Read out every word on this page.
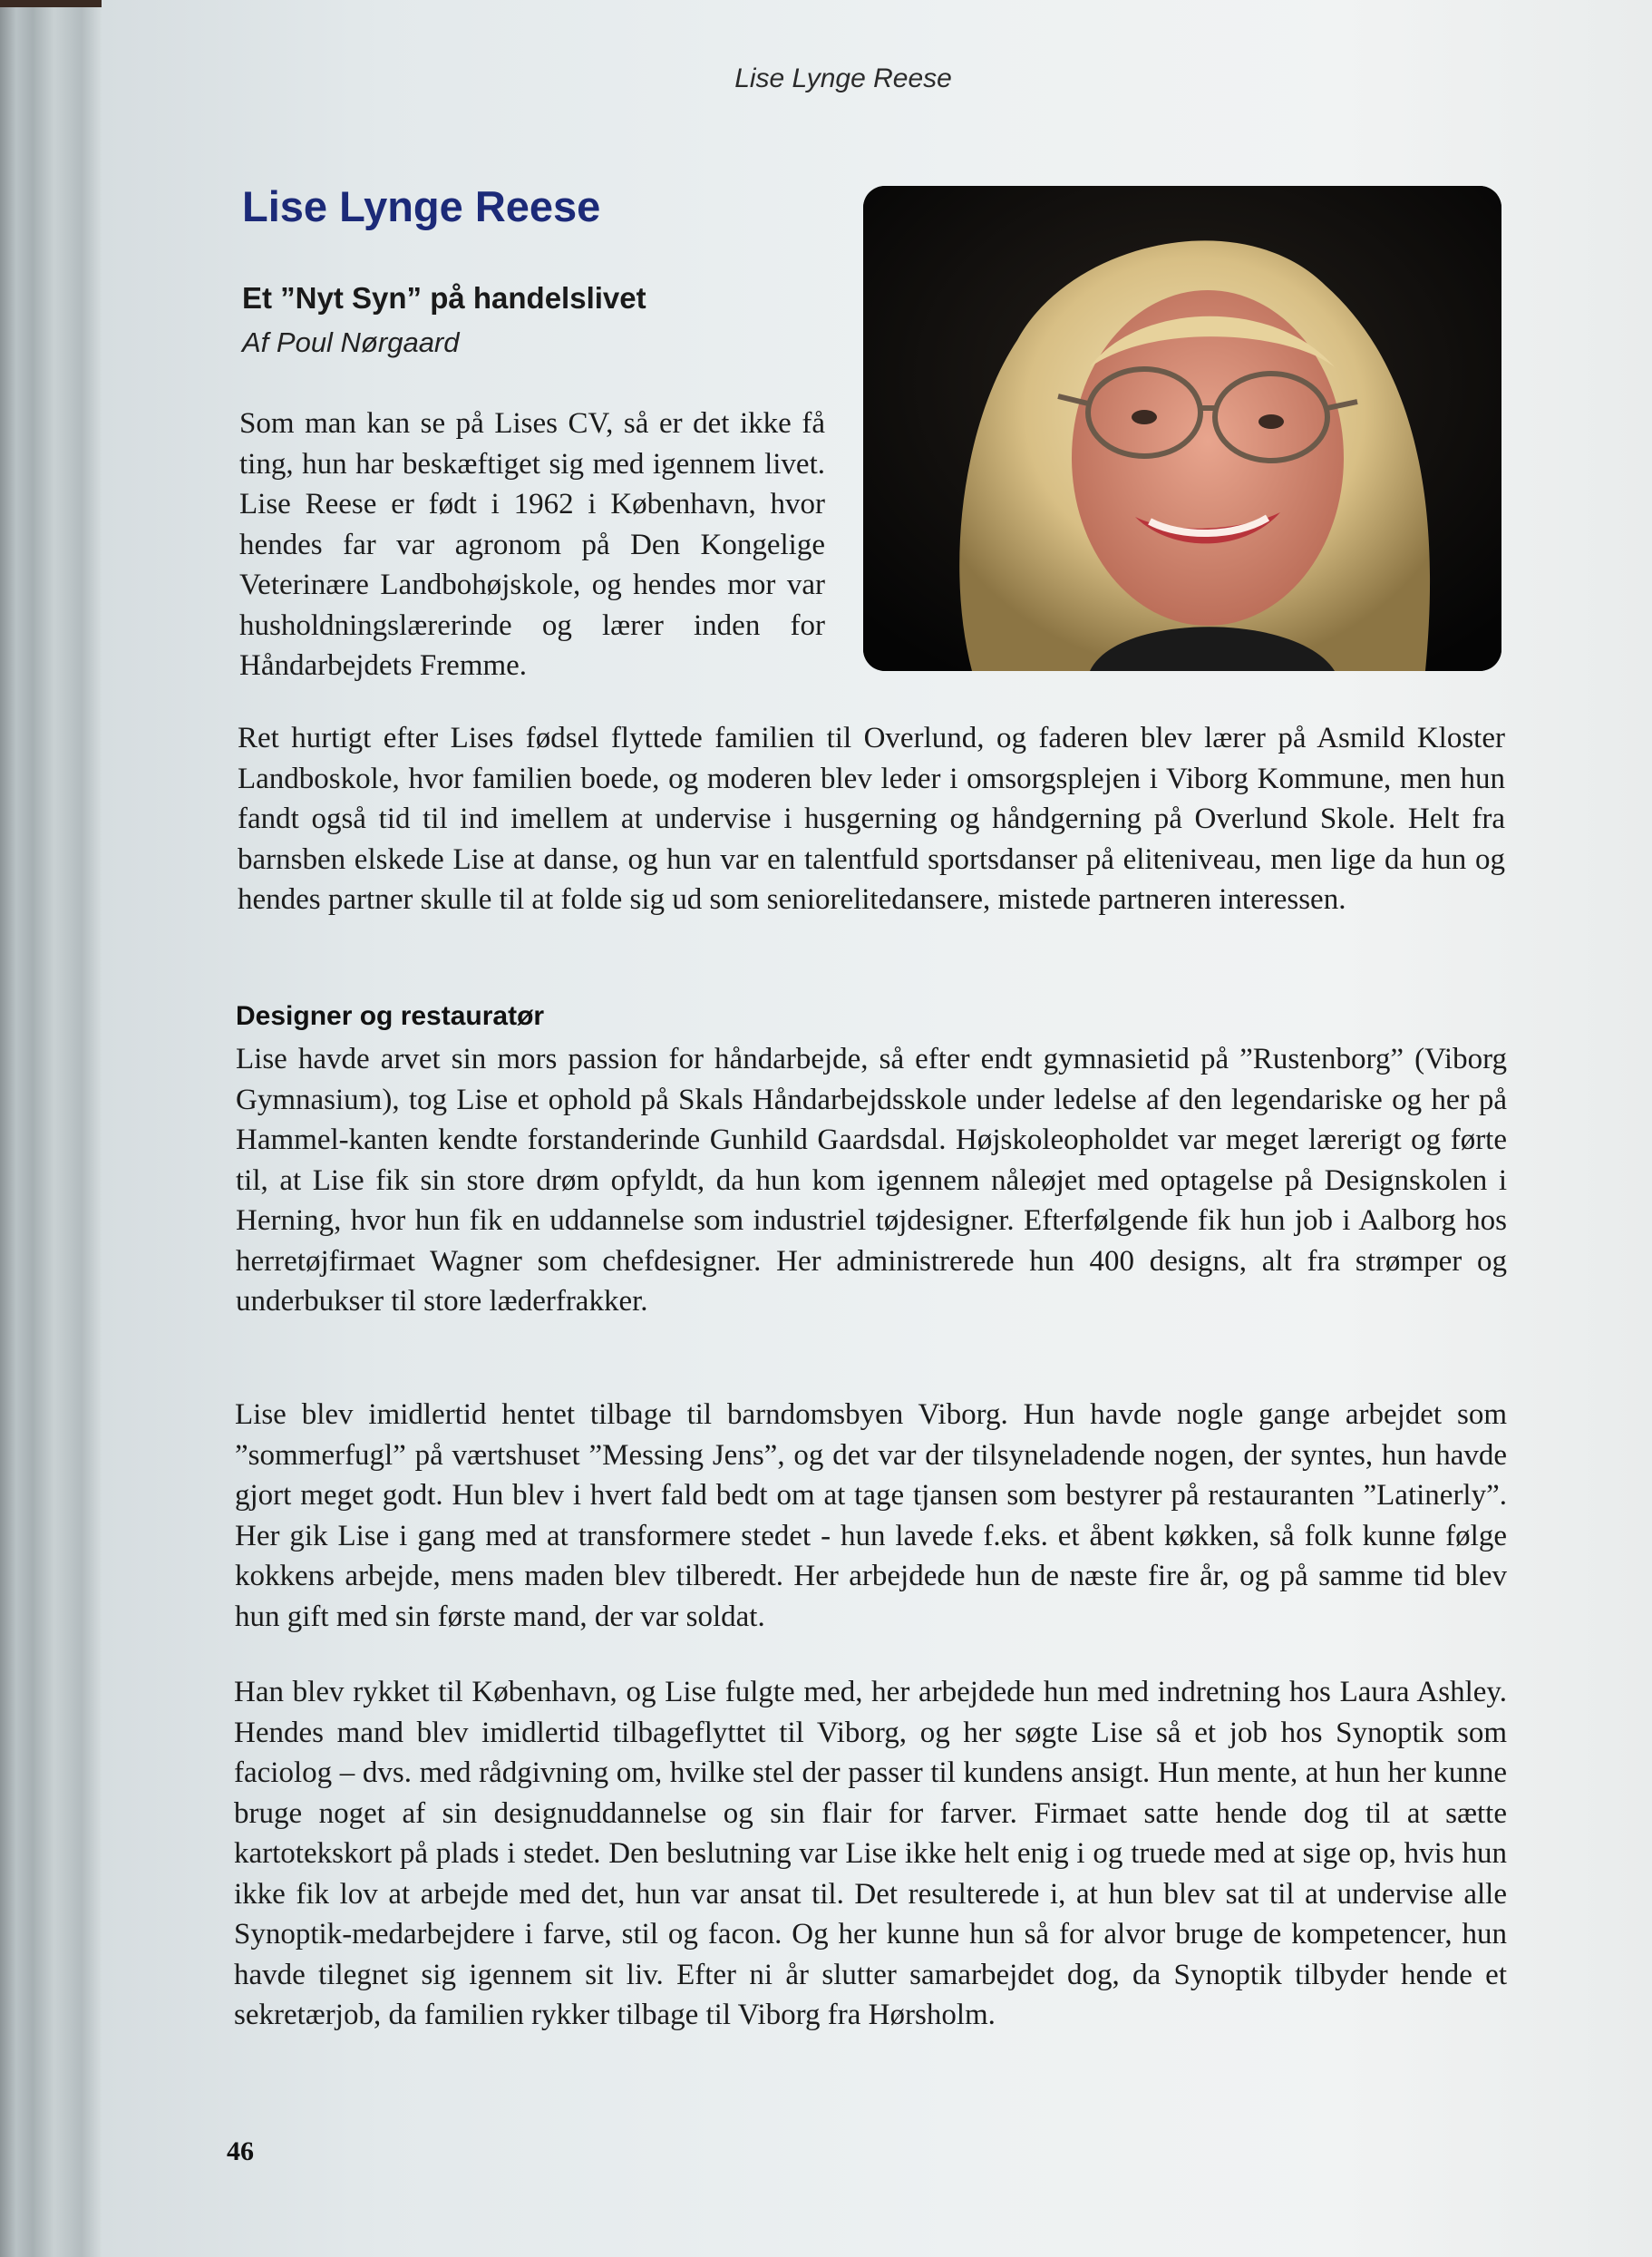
Lise Lynge Reese
Lise Lynge Reese
Et ”Nyt Syn” på handelslivet
Af Poul Nørgaard

Som man kan se på Lises CV, så er det ikke få ting, hun har beskæftiget sig med igennem livet. Lise Reese er født i 1962 i København, hvor hendes far var agronom på Den Kongelige Veterinære Landbohøjskole, og hendes mor var husholdningslærerinde og lærer inden for Håndarbejdets Fremme.

Ret hurtigt efter Lises fødsel flyttede familien til Overlund, og faderen blev lærer på Asmild Kloster Landboskole, hvor familien boede, og moderen blev leder i omsorgsplejen i Viborg Kommune, men hun fandt også tid til ind imellem at undervise i husgerning og håndgerning på Overlund Skole. Helt fra barnsben elskede Lise at danse, og hun var en talentfuld sportsdanser på eliteniveau, men lige da hun og hendes partner skulle til at folde sig ud som seniorelitedansere, mistede partneren interessen.

Designer og restauratør

Lise havde arvet sin mors passion for håndarbejde, så efter endt gymnasietid på ”Rustenborg” (Viborg Gymnasium), tog Lise et ophold på Skals Håndarbejdsskole under ledelse af den legendariske og her på Hammel-kanten kendte forstanderinde Gunhild Gaardsdal. Højskoleopholdet var meget lærerigt og førte til, at Lise fik sin store drøm opfyldt, da hun kom igennem nåleøjet med optagelse på Designskolen i Herning, hvor hun fik en uddannelse som industriel tøjdesigner. Efterfølgende fik hun job i Aalborg hos herretøjfirmaet Wagner som chefdesigner. Her administrerede hun 400 designs, alt fra strømper og underbukser til store læderfrakker.

Lise blev imidlertid hentet tilbage til barndomsbyen Viborg. Hun havde nogle gange arbejdet som ”sommerfugl” på værtshuset ”Messing Jens”, og det var der tilsyneladende nogen, der syntes, hun havde gjort meget godt. Hun blev i hvert fald bedt om at tage tjansen som bestyrer på restauranten ”Latinerly”. Her gik Lise i gang med at transformere stedet - hun lavede f.eks. et åbent køkken, så folk kunne følge kokkens arbejde, mens maden blev tilberedt. Her arbejdede hun de næste fire år, og på samme tid blev hun gift med sin første mand, der var soldat.

Han blev rykket til København, og Lise fulgte med, her arbejdede hun med indretning hos Laura Ashley. Hendes mand blev imidlertid tilbageflyttet til Viborg, og her søgte Lise så et job hos Synoptik som faciolog – dvs. med rådgivning om, hvilke stel der passer til kundens ansigt. Hun mente, at hun her kunne bruge noget af sin designuddannelse og sin flair for farver. Firmaet satte hende dog til at sætte kartotekskort på plads i stedet. Den beslutning var Lise ikke helt enig i og truede med at sige op, hvis hun ikke fik lov at arbejde med det, hun var ansat til. Det resulterede i, at hun blev sat til at undervise alle Synoptik-medarbejdere i farve, stil og facon. Og her kunne hun så for alvor bruge de kompetencer, hun havde tilegnet sig igennem sit liv. Efter ni år slutter samarbejdet dog, da Synoptik tilbyder hende et sekretærjob, da familien rykker tilbage til Viborg fra Hørsholm.

46
